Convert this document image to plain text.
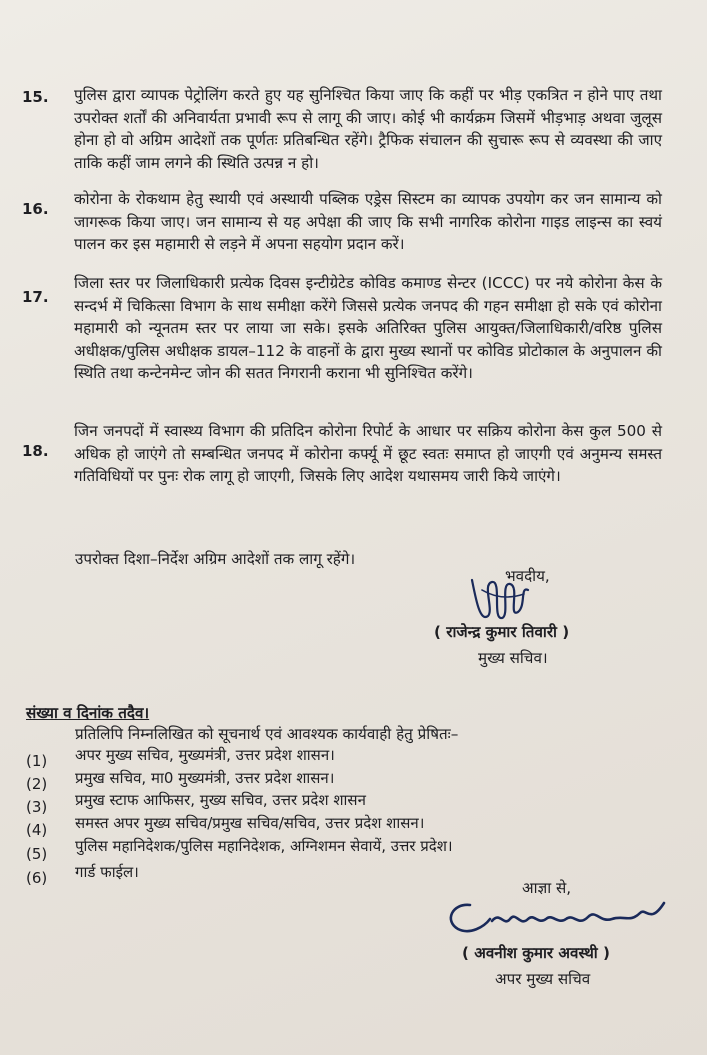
15.	पुलिस द्वारा व्यापक पेट्रोलिंग करते हुए यह सुनिश्चित किया जाए कि कहीं पर भीड़ एकत्रित न होने पाए तथा उपरोक्त शर्तों की अनिवार्यता प्रभावी रूप से लागू की जाए। कोई भी कार्यक्रम जिसमें भीड़भाड़ अथवा जुलूस होना हो वो अग्रिम आदेशों तक पूर्णतः प्रतिबन्धित रहेंगे। ट्रैफिक संचालन की सुचारू रूप से व्यवस्था की जाए ताकि कहीं जाम लगने की स्थिति उत्पन्न न हो।
16.
कोरोना के रोकथाम हेतु स्थायी एवं अस्थायी पब्लिक एड्रेस सिस्टम का व्यापक उपयोग कर जन सामान्य को जागरूक किया जाए। जन सामान्य से यह अपेक्षा की जाए कि सभी नागरिक कोरोना गाइड लाइन्स का स्वयं पालन कर इस महामारी से लड़ने में अपना सहयोग प्रदान करें।
17.
जिला स्तर पर जिलाधिकारी प्रत्येक दिवस इन्टीग्रेटेड कोविड कमाण्ड सेन्टर (ICCC) पर नये कोरोना केस के सन्दर्भ में चिकित्सा विभाग के साथ समीक्षा करेंगे जिससे प्रत्येक जनपद की गहन समीक्षा हो सके एवं कोरोना महामारी को न्यूनतम स्तर पर लाया जा सके। इसके अतिरिक्त पुलिस आयुक्त/जिलाधिकारी/वरिष्ठ पुलिस अधीक्षक/पुलिस अधीक्षक डायल–112 के वाहनों के द्वारा मुख्य स्थानों पर कोविड प्रोटोकाल के अनुपालन की स्थिति तथा कन्टेनमेन्ट जोन की सतत निगरानी कराना भी सुनिश्चित करेंगे।
18.
जिन जनपदों में स्वास्थ्य विभाग की प्रतिदिन कोरोना रिपोर्ट के आधार पर सक्रिय कोरोना केस कुल 500 से अधिक हो जाएंगे तो सम्बन्धित जनपद में कोरोना कर्फ्यू में छूट स्वतः समाप्त हो जाएगी एवं अनुमन्य समस्त गतिविधियों पर पुनः रोक लागू हो जाएगी, जिसके लिए आदेश यथासमय जारी किये जाएंगे।
उपरोक्त दिशा–निर्देश अग्रिम आदेशों तक लागू रहेंगे।
भवदीय,
( राजेन्द्र कुमार तिवारी )
मुख्य सचिव।
संख्या व दिनांक तदैव।
प्रतिलिपि निम्नलिखित को सूचनार्थ एवं आवश्यक कार्यवाही हेतु प्रेषितः–
(1) अपर मुख्य सचिव, मुख्यमंत्री, उत्तर प्रदेश शासन।
(2) प्रमुख सचिव, मा0 मुख्यमंत्री, उत्तर प्रदेश शासन।
(3) प्रमुख स्टाफ आफिसर, मुख्य सचिव, उत्तर प्रदेश शासन
(4) समस्त अपर मुख्य सचिव/प्रमुख सचिव/सचिव, उत्तर प्रदेश शासन।
(5) पुलिस महानिदेशक/पुलिस महानिदेशक, अग्निशमन सेवायें, उत्तर प्रदेश।
(6) गार्ड फाईल।
आज्ञा से,
( अवनीश कुमार अवस्थी )
अपर मुख्य सचिव
